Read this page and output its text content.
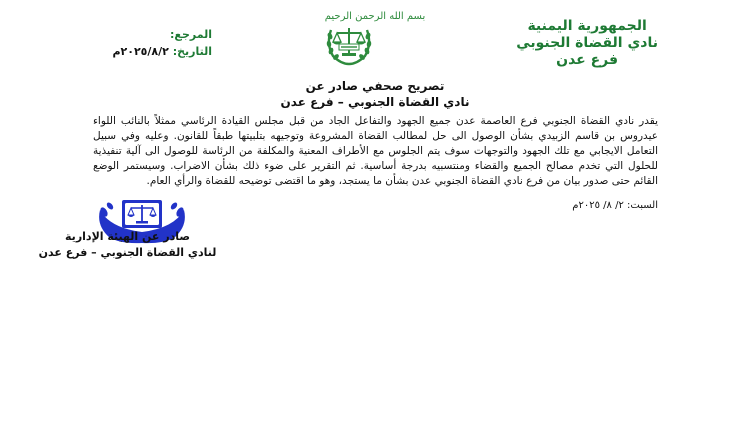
بسم الله الرحمن الرحيم
الجمهورية اليمنية
نادي القضاة الجنوبي
فرع عدن
المرجع:
التاريخ: ٢٠٢٥/٨/٢م
تصريح صحفي صادر عن
نادي القضاة الجنوبي – فرع عدن
يقدر نادي القضاة الجنوبي فرع العاصمة عدن جميع الجهود والتفاعل الجاد من قبل مجلس القيادة الرئاسي ممثلاً بالنائب اللواء عيدروس بن قاسم الزبيدي بشأن الوصول الى حل لمطالب القضاة المشروعة وتوجيهه بتلبيتها طبقاً للقانون. وعليه وفي سبيل التعامل الايجابي مع تلك الجهود والتوجهات سوف يتم الجلوس مع الأطراف المعنية والمكلفة من الرئاسة للوصول الى آلية تنفيذية للحلول التي تخدم مصالح الجميع والقضاء ومنتسبيه بدرجة أساسية. ثم التقرير على ضوء ذلك بشأن الاضراب. وسيستمر الوضع القائم حتى صدور بيان من فرع نادي القضاة الجنوبي عدن بشأن ما يستجد، وهو ما اقتضى توضيحه للقضاة والرأي العام.
السبت: ٢/ ٨/ ٢٠٢٥م
صادر عن الهيئة الإدارية
لنادي القضاة الجنوبي – فرع عدن
